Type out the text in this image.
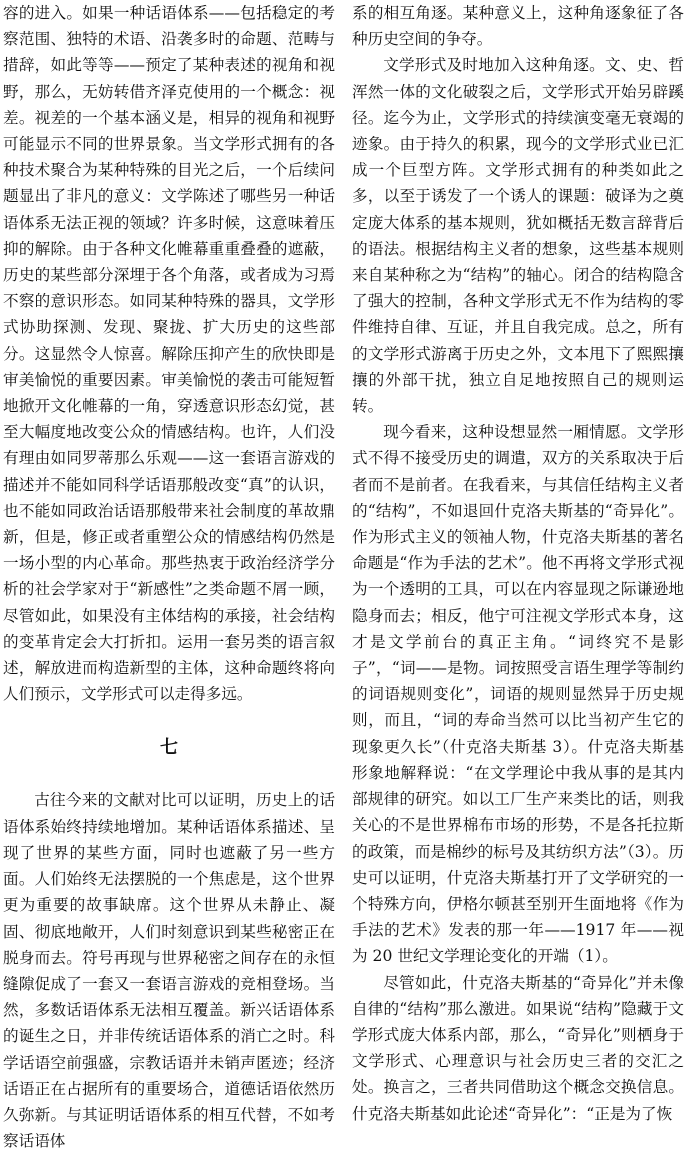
容的进入。如果一种话语体系——包括稳定的考察范围、独特的术语、沿袭多时的命题、范畴与措辞，如此等等——预定了某种表述的视角和视野，那么，无妨转借齐泽克使用的一个概念：视差。视差的一个基本涵义是，相异的视角和视野可能显示不同的世界景象。当文学形式拥有的各种技术聚合为某种特殊的目光之后，一个后续问题显出了非凡的意义：文学陈述了哪些另一种话语体系无法正视的领域？许多时候，这意味着压抑的解除。由于各种文化帷幕重重叠叠的遮蔽，历史的某些部分深埋于各个角落，或者成为习焉不察的意识形态。如同某种特殊的器具，文学形式协助探测、发现、聚拢、扩大历史的这些部分。这显然令人惊喜。解除压抑产生的欣快即是审美愉悦的重要因素。审美愉悦的袭击可能短暂地掀开文化帷幕的一角，穿透意识形态幻觉，甚至大幅度地改变公众的情感结构。也许，人们没有理由如同罗蒂那么乐观——这一套语言游戏的描述并不能如同科学话语那般改变“真”的认识，也不能如同政治话语那般带来社会制度的革故鼎新，但是，修正或者重塑公众的情感结构仍然是一场小型的内心革命。那些热衷于政治经济学分析的社会学家对于“新感性”之类命题不屑一顾，尽管如此，如果没有主体结构的承接，社会结构的变革肯定会大打折扣。运用一套另类的语言叙述，解放进而构造新型的主体，这种命题终将向人们预示，文学形式可以走得多远。

七

古往今来的文献对比可以证明，历史上的话语体系始终持续地增加。某种话语体系描述、呈现了世界的某些方面，同时也遮蔽了另一些方面。人们始终无法摆脱的一个焦虑是，这个世界更为重要的故事缺席。这个世界从未静止、凝固、彻底地敞开，人们时刻意识到某些秘密正在脱身而去。符号再现与世界秘密之间存在的永恒缝隙促成了一套又一套语言游戏的竞相登场。当然，多数话语体系无法相互覆盖。新兴话语体系的诞生之日，并非传统话语体系的消亡之时。科学话语空前强盛，宗教话语并未销声匿迹；经济话语正在占据所有的重要场合，道德话语依然历久弥新。与其证明话语体系的相互代替，不如考察话语体

系的相互角逐。某种意义上，这种角逐象征了各种历史空间的争夺。

文学形式及时地加入这种角逐。文、史、哲浑然一体的文化破裂之后，文学形式开始另辟蹊径。迄今为止，文学形式的持续演变毫无衰竭的迹象。由于持久的积累，现今的文学形式业已汇成一个巨型方阵。文学形式拥有的种类如此之多，以至于诱发了一个诱人的课题：破译为之奠定庞大体系的基本规则，犹如概括无数言辞背后的语法。根据结构主义者的想象，这些基本规则来自某种称之为“结构”的轴心。闭合的结构隐含了强大的控制，各种文学形式无不作为结构的零件维持自律、互证，并且自我完成。总之，所有的文学形式游离于历史之外，文本甩下了熙熙攘攘的外部干扰，独立自足地按照自己的规则运转。

现今看来，这种设想显然一厢情愿。文学形式不得不接受历史的调遣，双方的关系取决于后者而不是前者。在我看来，与其信任结构主义者的“结构”，不如退回什克洛夫斯基的“奇异化”。作为形式主义的领袖人物，什克洛夫斯基的著名命题是“作为手法的艺术”。他不再将文学形式视为一个透明的工具，可以在内容显现之际谦逊地隐身而去；相反，他宁可注视文学形式本身，这才是文学前台的真正主角。“词终究不是影子”，“词——是物。词按照受言语生理学等制约的词语规则变化”，词语的规则显然异于历史规则，而且，“词的寿命当然可以比当初产生它的现象更久长”（什克洛夫斯基 3）。什克洛夫斯基形象地解释说：“在文学理论中我从事的是其内部规律的研究。如以工厂生产来类比的话，则我关心的不是世界棉布市场的形势，不是各托拉斯的政策，而是棉纱的标号及其纺织方法”（3）。历史可以证明，什克洛夫斯基打开了文学研究的一个特殊方向，伊格尔顿甚至别开生面地将《作为手法的艺术》发表的那一年——1917 年——视为 20 世纪文学理论变化的开端（1）。

尽管如此，什克洛夫斯基的“奇异化”并未像自律的“结构”那么激进。如果说“结构”隐藏于文学形式庞大体系内部，那么，“奇异化”则栖身于文学形式、心理意识与社会历史三者的交汇之处。换言之，三者共同借助这个概念交换信息。什克洛夫斯基如此论述“奇异化”：“正是为了恢
